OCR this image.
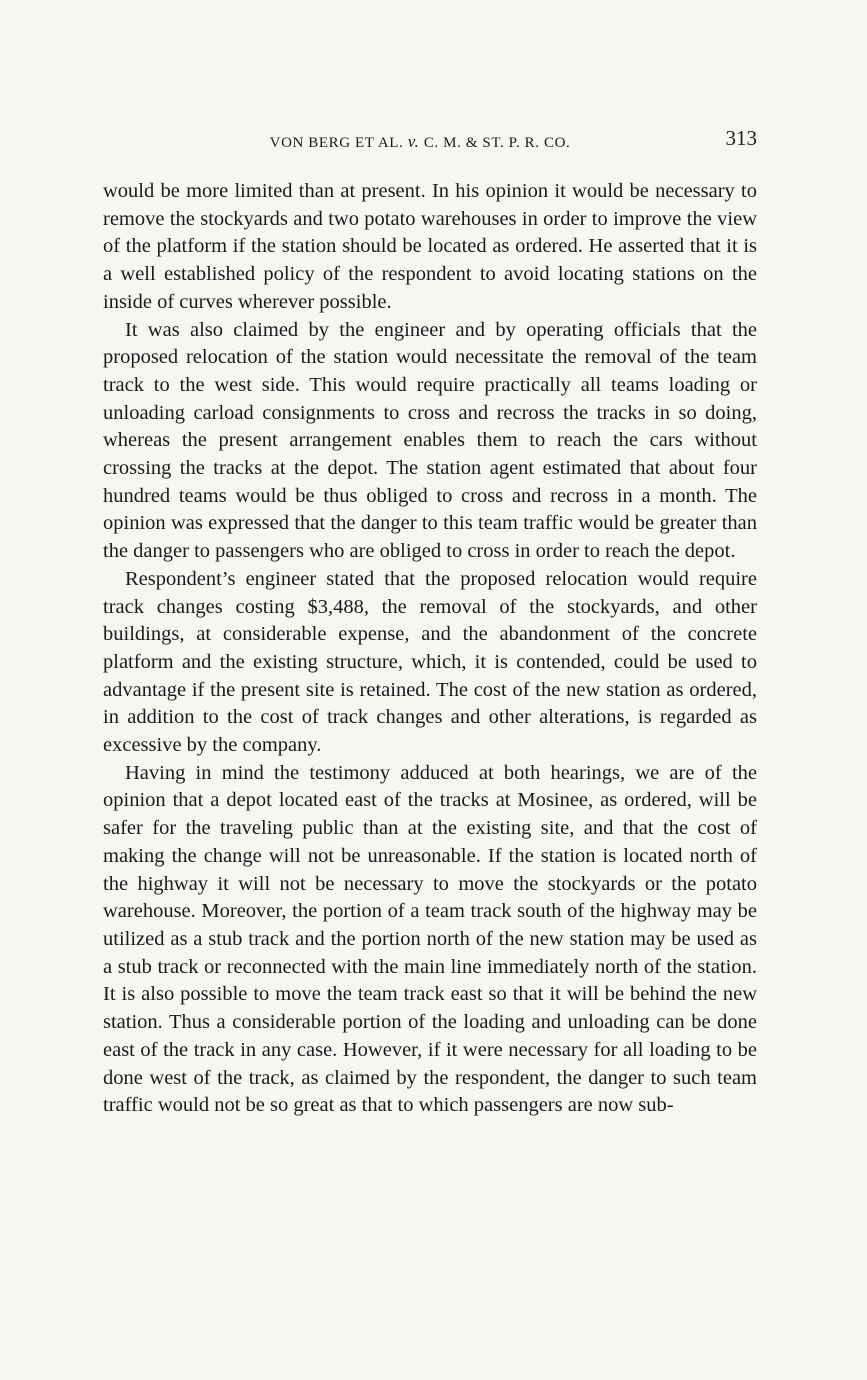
VON BERG ET AL. v. C. M. & ST. P. R. CO.	313

would be more limited than at present. In his opinion it would be necessary to remove the stockyards and two potato warehouses in order to improve the view of the platform if the station should be located as ordered. He asserted that it is a well established policy of the respondent to avoid locating stations on the inside of curves wherever possible.

It was also claimed by the engineer and by operating officials that the proposed relocation of the station would necessitate the removal of the team track to the west side. This would require practically all teams loading or unloading carload consignments to cross and recross the tracks in so doing, whereas the present arrangement enables them to reach the cars without crossing the tracks at the depot. The station agent estimated that about four hundred teams would be thus obliged to cross and recross in a month. The opinion was expressed that the danger to this team traffic would be greater than the danger to passengers who are obliged to cross in order to reach the depot.

Respondent’s engineer stated that the proposed relocation would require track changes costing $3,488, the removal of the stockyards, and other buildings, at considerable expense, and the abandonment of the concrete platform and the existing structure, which, it is contended, could be used to advantage if the present site is retained. The cost of the new station as ordered, in addition to the cost of track changes and other alterations, is regarded as excessive by the company.

Having in mind the testimony adduced at both hearings, we are of the opinion that a depot located east of the tracks at Mosinee, as ordered, will be safer for the traveling public than at the existing site, and that the cost of making the change will not be unreasonable. If the station is located north of the highway it will not be necessary to move the stockyards or the potato warehouse. Moreover, the portion of a team track south of the highway may be utilized as a stub track and the portion north of the new station may be used as a stub track or reconnected with the main line immediately north of the station. It is also possible to move the team track east so that it will be behind the new station. Thus a considerable portion of the loading and unloading can be done east of the track in any case. However, if it were necessary for all loading to be done west of the track, as claimed by the respondent, the danger to such team traffic would not be so great as that to which passengers are now sub-
